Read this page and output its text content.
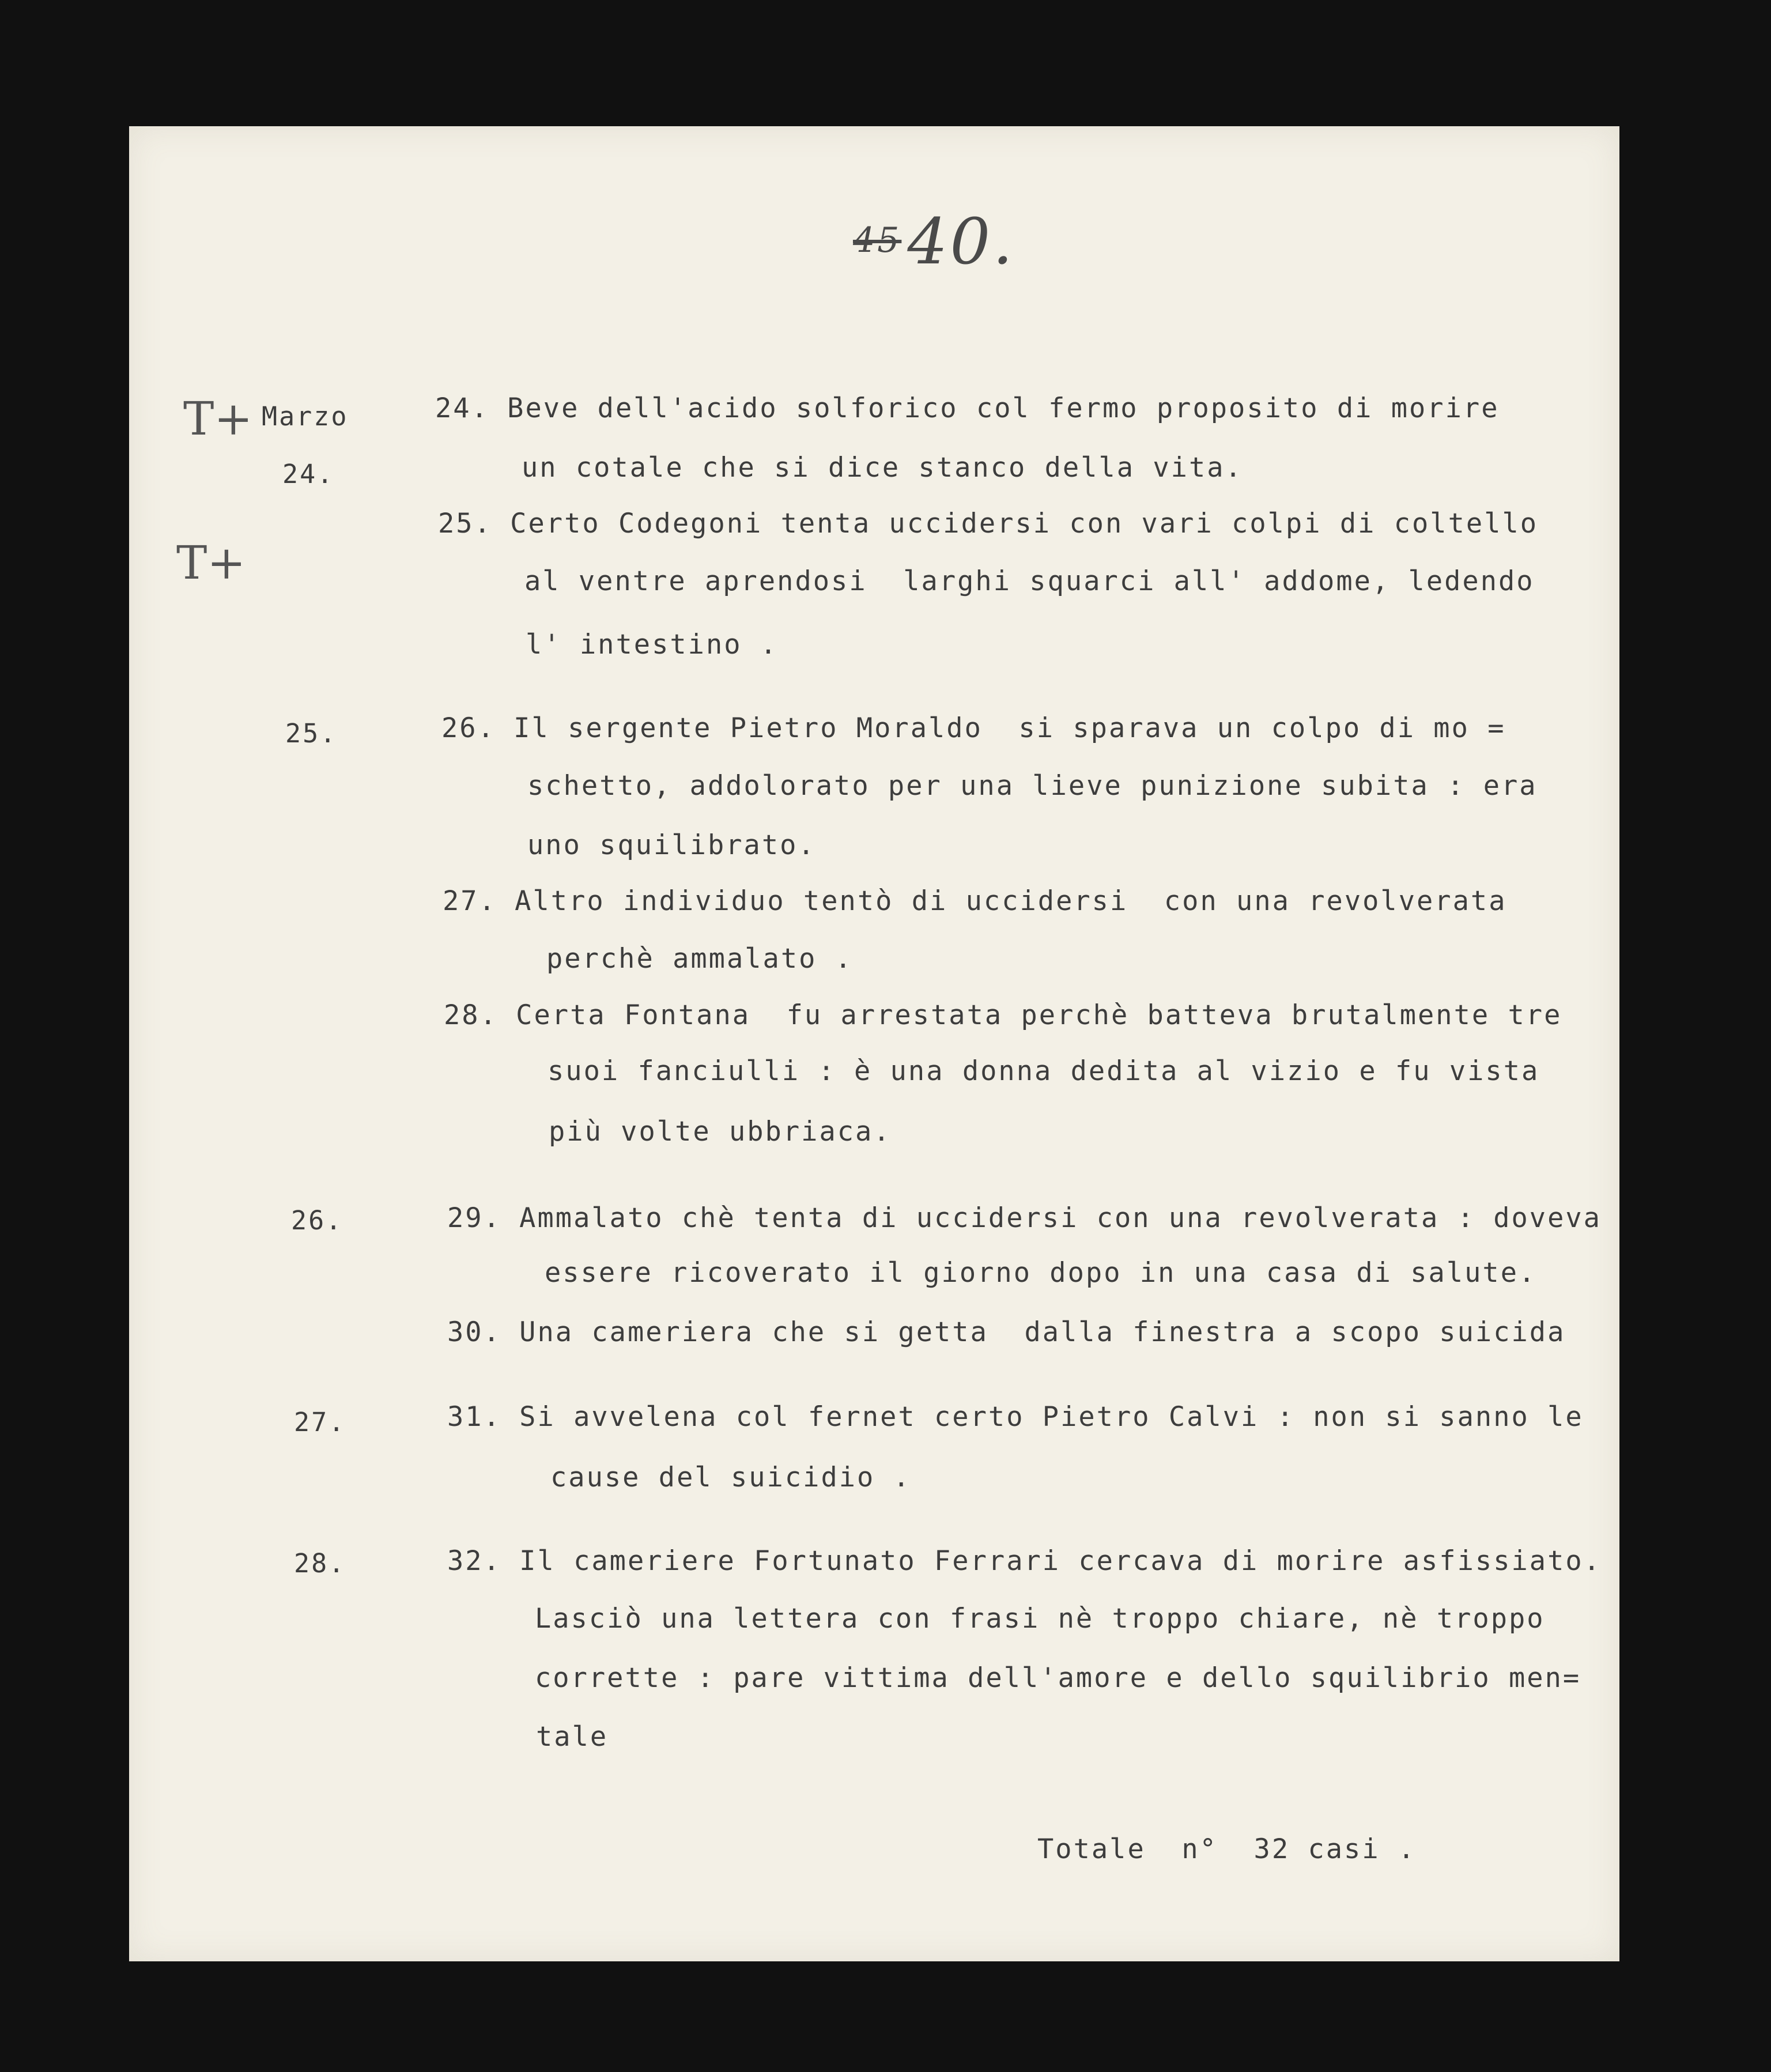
4540.
T+
T+
Marzo
24.
25.
26.
27.
28.
24. Beve dell'acido solforico col fermo proposito di morire
un cotale che si dice stanco della vita.
25. Certo Codegoni tenta uccidersi con vari colpi di coltello
al ventre aprendosi  larghi squarci all' addome, ledendo
l' intestino .
26. Il sergente Pietro Moraldo  si sparava un colpo di mo =
schetto, addolorato per una lieve punizione subita : era
uno squilibrato.
27. Altro individuo tentò di uccidersi  con una revolverata
perchè ammalato .
28. Certa Fontana  fu arrestata perchè batteva brutalmente tre
suoi fanciulli : è una donna dedita al vizio e fu vista
più volte ubbriaca.
29. Ammalato chè tenta di uccidersi con una revolverata : doveva
essere ricoverato il giorno dopo in una casa di salute.
30. Una cameriera che si getta  dalla finestra a scopo suicida
31. Si avvelena col fernet certo Pietro Calvi : non si sanno le
cause del suicidio .
32. Il cameriere Fortunato Ferrari cercava di morire asfissiato.
Lasciò una lettera con frasi nè troppo chiare, nè troppo
corrette : pare vittima dell'amore e dello squilibrio men=
tale
Totale  n°  32 casi .
